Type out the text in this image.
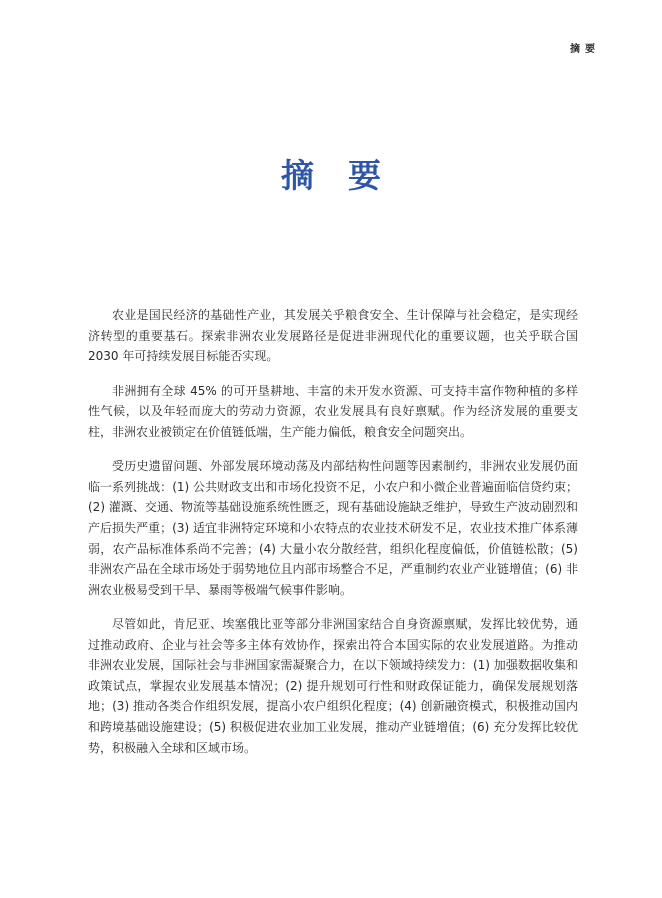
摘要
摘要

农业是国民经济的基础性产业，其发展关乎粮食安全、生计保障与社会稳定，是实现经济转型的重要基石。探索非洲农业发展路径是促进非洲现代化的重要议题，也关乎联合国 2030 年可持续发展目标能否实现。

非洲拥有全球 45% 的可开垦耕地、丰富的未开发水资源、可支持丰富作物种植的多样性气候，以及年轻而庞大的劳动力资源，农业发展具有良好禀赋。作为经济发展的重要支柱，非洲农业被锁定在价值链低端，生产能力偏低，粮食安全问题突出。

受历史遗留问题、外部发展环境动荡及内部结构性问题等因素制约，非洲农业发展仍面临一系列挑战：(1) 公共财政支出和市场化投资不足，小农户和小微企业普遍面临信贷约束；(2) 灌溉、交通、物流等基础设施系统性匮乏，现有基础设施缺乏维护，导致生产波动剧烈和产后损失严重；(3) 适宜非洲特定环境和小农特点的农业技术研发不足，农业技术推广体系薄弱，农产品标准体系尚不完善；(4) 大量小农分散经营，组织化程度偏低，价值链松散；(5) 非洲农产品在全球市场处于弱势地位且内部市场整合不足，严重制约农业产业链增值；(6) 非洲农业极易受到干旱、暴雨等极端气候事件影响。

尽管如此，肯尼亚、埃塞俄比亚等部分非洲国家结合自身资源禀赋，发挥比较优势，通过推动政府、企业与社会等多主体有效协作，探索出符合本国实际的农业发展道路。为推动非洲农业发展，国际社会与非洲国家需凝聚合力，在以下领域持续发力：(1) 加强数据收集和政策试点，掌握农业发展基本情况；(2) 提升规划可行性和财政保证能力，确保发展规划落地；(3) 推动各类合作组织发展，提高小农户组织化程度；(4) 创新融资模式，积极推动国内和跨境基础设施建设；(5) 积极促进农业加工业发展，推动产业链增值；(6) 充分发挥比较优势，积极融入全球和区域市场。
